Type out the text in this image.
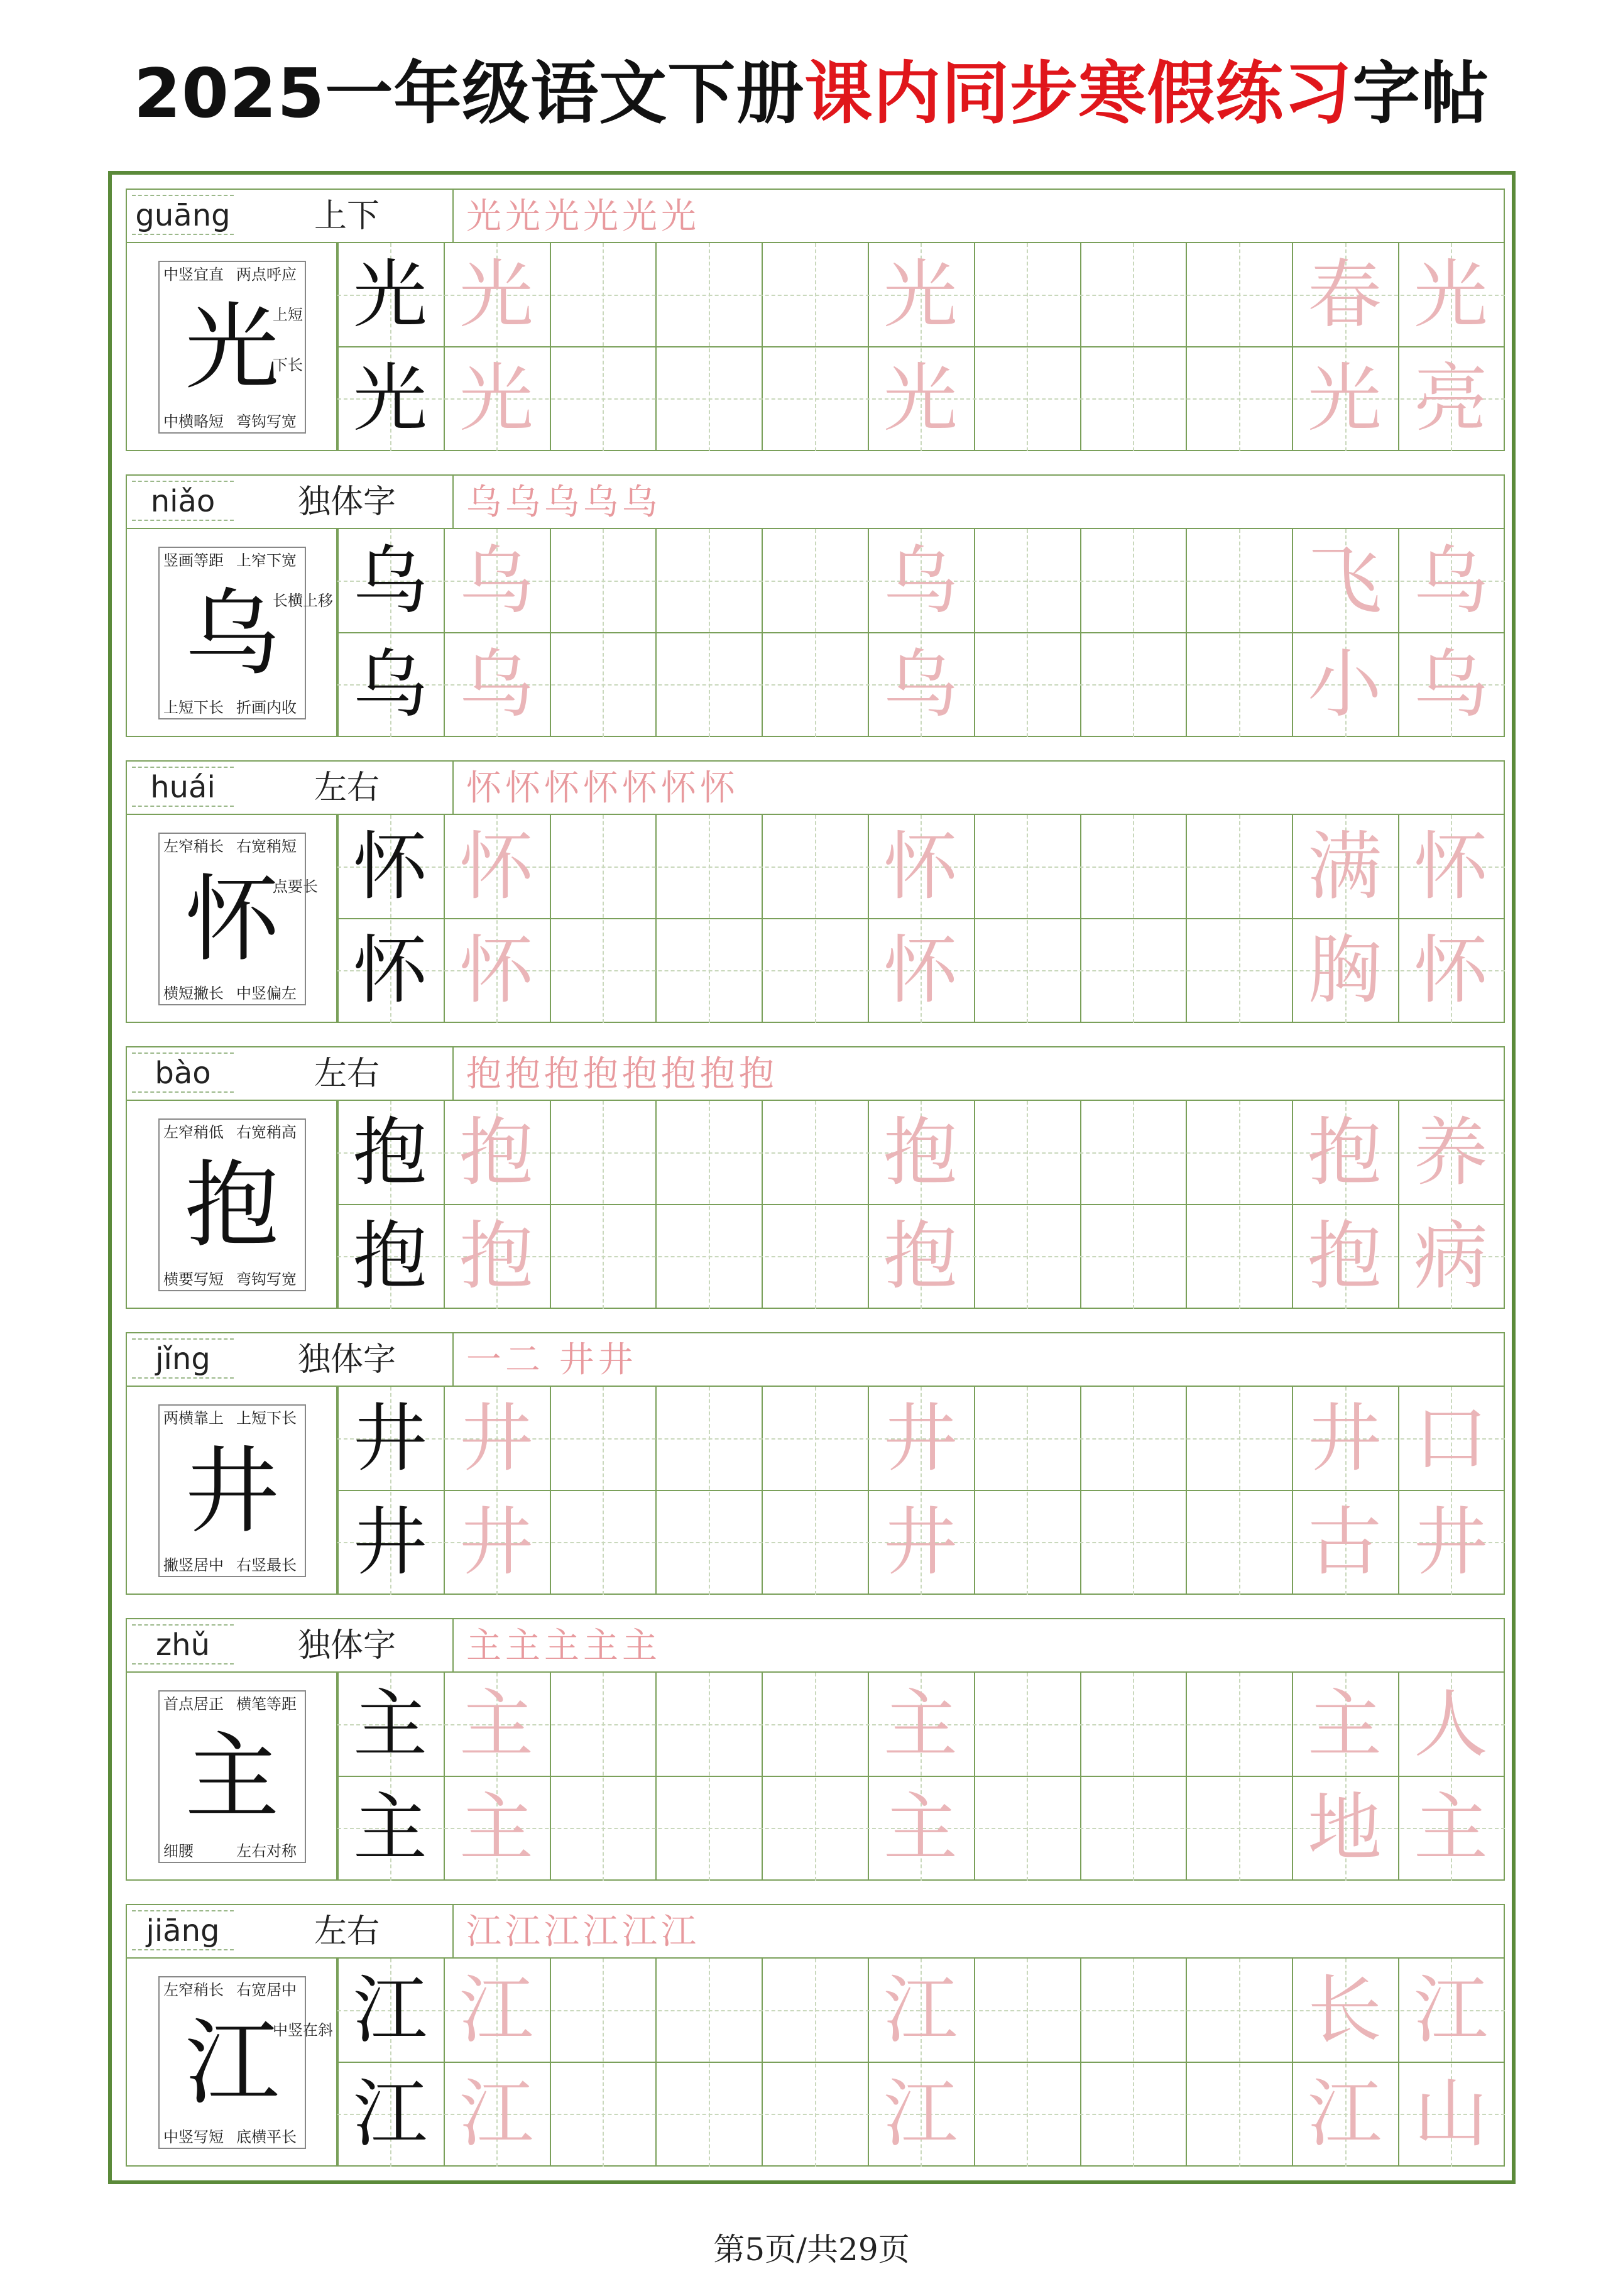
2025一年级语文下册课内同步寒假练习字帖
guāng	上下	光光光光光光
中竖宜直 两点呼应
中横略短 弯钩写宽
上短
下长
光 光 光	光	春 光
光 光	光	光 亮
niǎo	独体字	乌乌乌乌乌
竖画等距 上窄下宽
上短下长 折画内收
长横上移
乌 乌 乌	乌	飞 乌
乌 乌	乌	小 乌
huái	左右	怀怀怀怀怀怀怀
左窄稍长 右宽稍短
横短撇长 中竖偏左
点要长
怀 怀 怀	怀	满 怀
怀 怀	怀	胸 怀
bào	左右	抱抱抱抱抱抱抱抱
左窄稍低 右宽稍高
横要写短 弯钩写宽
抱 抱 抱	抱	抱 养
抱 抱	抱	抱 病
jǐng	独体字	一二 井井
两横靠上 上短下长
撇竖居中 右竖最长
井 井 井	井	井 口
井 井	井	古 井
zhǔ	独体字	主主主主主
首点居正 横笔等距
细腰	左右对称
主 主 主	主	主 人
主 主	主	地 主
jiāng	左右	江江江江江江
左窄稍长 右宽居中
中竖写短 底横平长
中竖在斜
江 江 江	江	长 江
江 江	江	江 山
第5页/共29页
